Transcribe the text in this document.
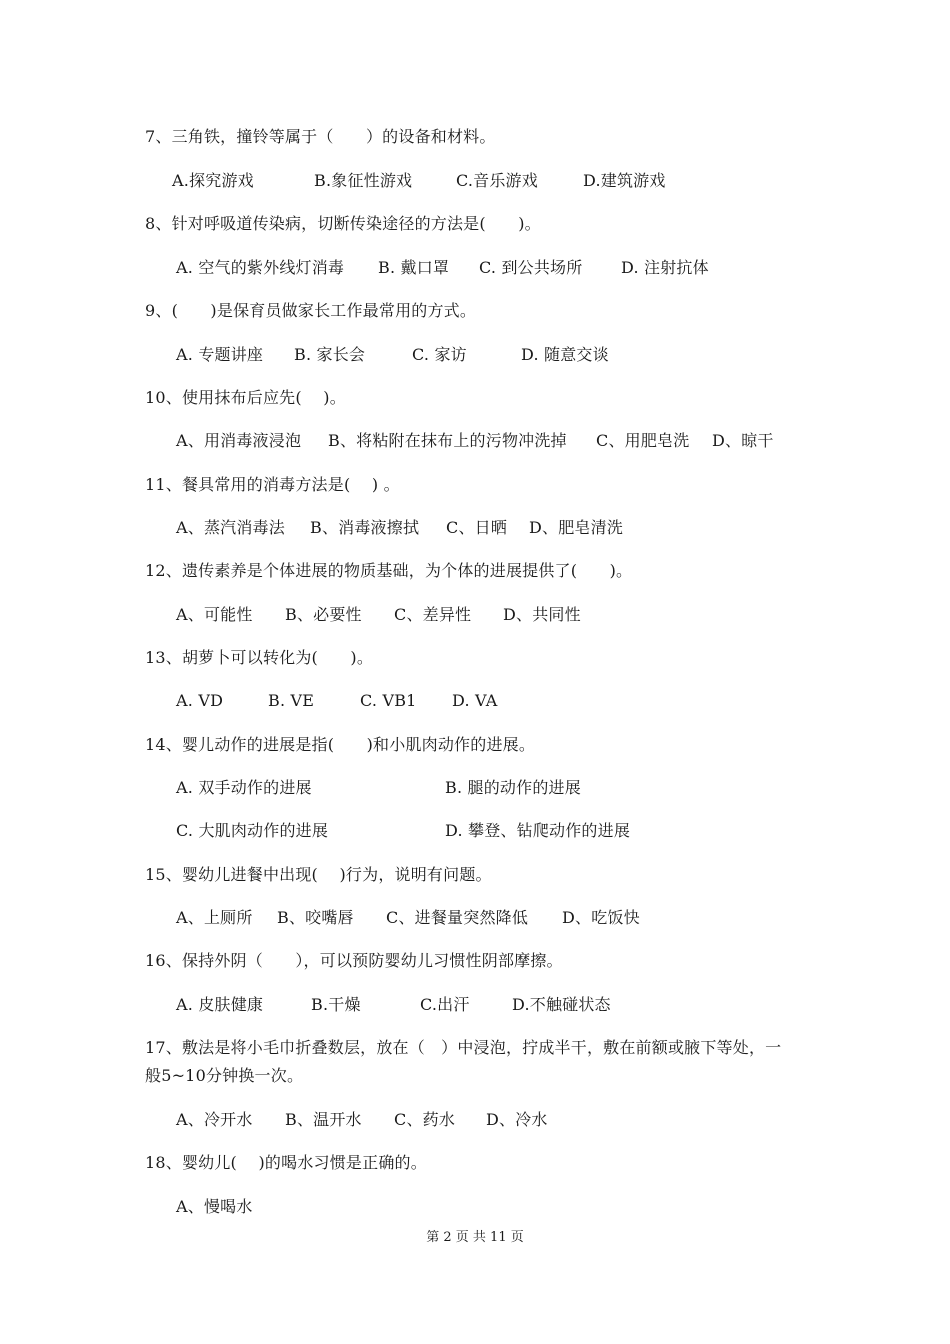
7、三角铁，撞铃等属于（　　）的设备和材料。
A.探究游戏	B.象征性游戏	C.音乐游戏	D.建筑游戏
8、针对呼吸道传染病，切断传染途径的方法是(　　)。
A. 空气的紫外线灯消毒 B. 戴口罩 C. 到公共场所 D. 注射抗体
9、(　　)是保育员做家长工作最常用的方式。
A. 专题讲座 B. 家长会	C. 家访	D. 随意交谈
10、使用抹布后应先(　 )。
A、用消毒液浸泡 B、将粘附在抹布上的污物冲洗掉 C、用肥皂洗 D、晾干
11、餐具常用的消毒方法是(　 ) 。
A、蒸汽消毒法 B、消毒液擦拭 C、日晒 D、肥皂清洗
12、遗传素养是个体进展的物质基础，为个体的进展提供了(　　)。
A、可能性 B、必要性 C、差异性 D、共同性
13、胡萝卜可以转化为(　　)。
A. VD	B. VE	C. VB1 D. VA
14、婴儿动作的进展是指(　　)和小肌肉动作的进展。
A. 双手动作的进展	B. 腿的动作的进展
C. 大肌肉动作的进展	D. 攀登、钻爬动作的进展
15、婴幼儿进餐中出现(　 )行为，说明有问题。
A、上厕所 B、咬嘴唇 C、进餐量突然降低 D、吃饭快
16、保持外阴（　　），可以预防婴幼儿习惯性阴部摩擦。
A. 皮肤健康	B.干燥	C.出汗	D.不触碰状态
17、敷法是将小毛巾折叠数层，放在（　）中浸泡，拧成半干，敷在前额或腋下等处，一
般5~10分钟换一次。
A、冷开水 B、温开水 C、药水 D、冷水
18、婴幼儿(　 )的喝水习惯是正确的。
A、慢喝水
第 2 页 共 11 页
